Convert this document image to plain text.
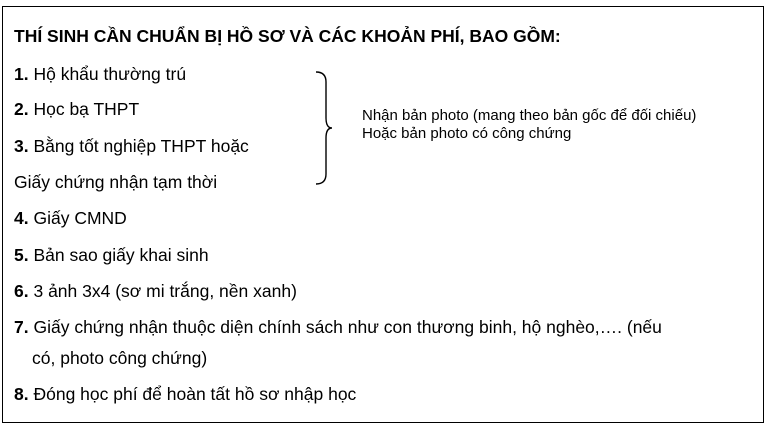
THÍ SINH CẦN CHUẨN BỊ HỒ SƠ VÀ CÁC KHOẢN PHÍ, BAO GỒM:
1. Hộ khẩu thường trú
2. Học bạ THPT
3. Bằng tốt nghiệp THPT hoặc
Giấy chứng nhận tạm thời
4. Giấy CMND
5. Bản sao giấy khai sinh
6. 3 ảnh 3x4 (sơ mi trắng, nền xanh)
7. Giấy chứng nhận thuộc diện chính sách như con thương binh, hộ nghèo,…. (nếu
có, photo công chứng)
8. Đóng học phí để hoàn tất hồ sơ nhập học
Nhận bản photo (mang theo bản gốc để đối chiếu)
Hoặc bản photo có công chứng
